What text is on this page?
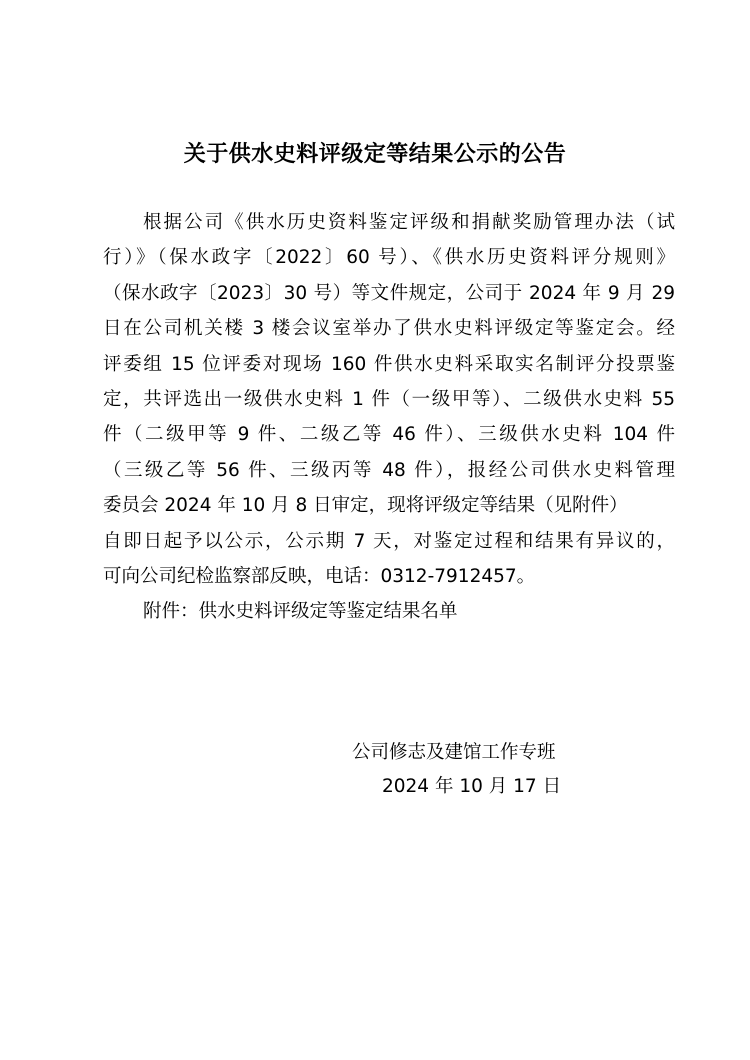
关于供水史料评级定等结果公示的公告
根据公司《供水历史资料鉴定评级和捐献奖励管理办法（试
行）》（保水政字〔2022〕60 号）、《供水历史资料评分规则》
（保水政字〔2023〕30 号）等文件规定，公司于 2024 年 9 月 29
日在公司机关楼 3 楼会议室举办了供水史料评级定等鉴定会。经
评委组 15 位评委对现场 160 件供水史料采取实名制评分投票鉴
定，共评选出一级供水史料 1 件（一级甲等）、二级供水史料 55
件（二级甲等 9 件、二级乙等 46 件）、三级供水史料 104 件
（三级乙等 56 件、三级丙等 48 件），报经公司供水史料管理
委员会 2024 年 10 月 8 日审定，现将评级定等结果（见附件）
自即日起予以公示，公示期 7 天，对鉴定过程和结果有异议的，
可向公司纪检监察部反映，电话：0312-7912457。
附件：供水史料评级定等鉴定结果名单
公司修志及建馆工作专班
2024 年 10 月 17 日
